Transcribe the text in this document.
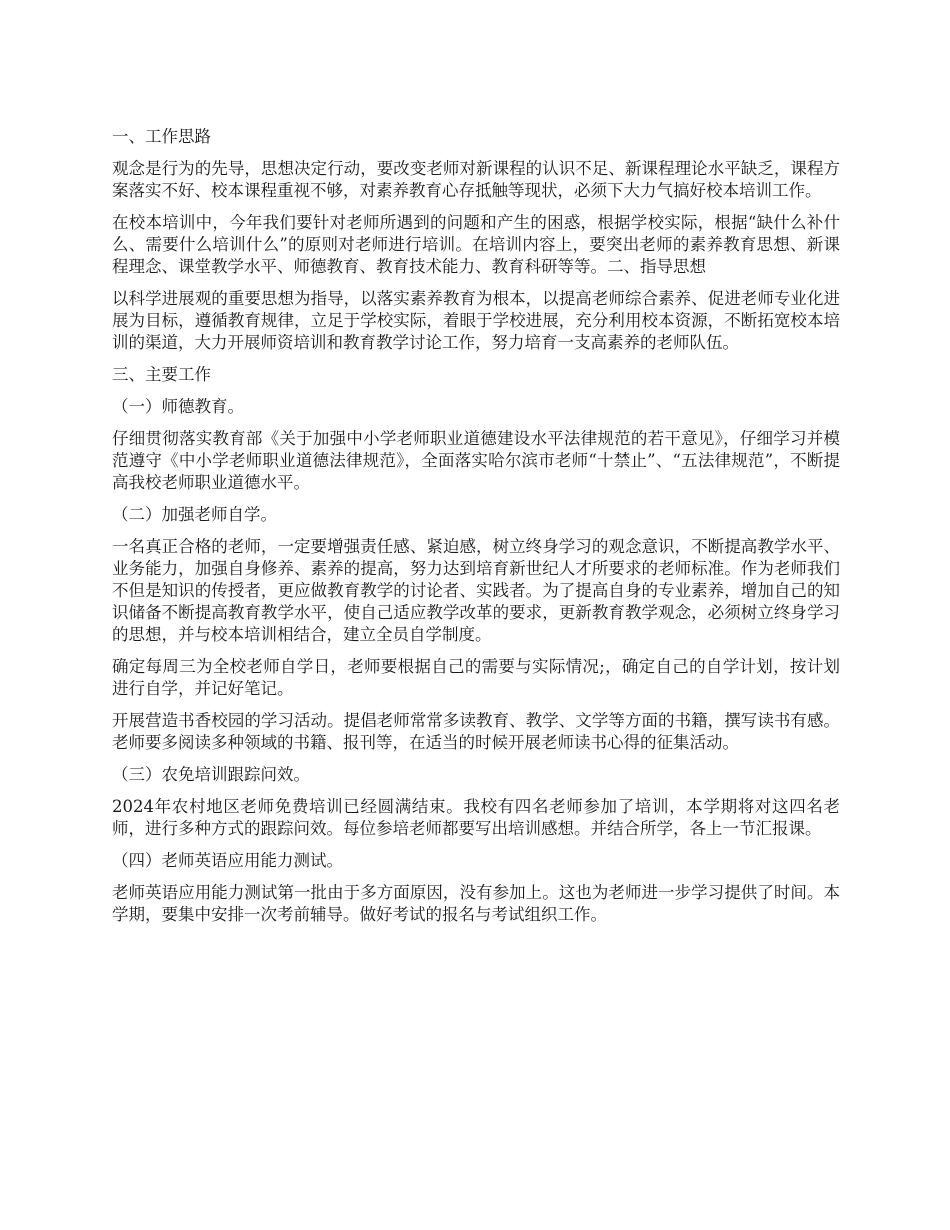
一、工作思路

观念是行为的先导，思想决定行动，要改变老师对新课程的认识不足、新课程理论水平缺乏，课程方案落实不好、校本课程重视不够，对素养教育心存抵触等现状，必须下大力气搞好校本培训工作。

在校本培训中，今年我们要针对老师所遇到的问题和产生的困惑，根据学校实际，根据“缺什么补什么、需要什么培训什么”的原则对老师进行培训。在培训内容上，要突出老师的素养教育思想、新课程理念、课堂教学水平、师德教育、教育技术能力、教育科研等等。二、指导思想

以科学进展观的重要思想为指导，以落实素养教育为根本，以提高老师综合素养、促进老师专业化进展为目标，遵循教育规律，立足于学校实际，着眼于学校进展，充分利用校本资源，不断拓宽校本培训的渠道，大力开展师资培训和教育教学讨论工作，努力培育一支高素养的老师队伍。

三、主要工作

（一）师德教育。

仔细贯彻落实教育部《关于加强中小学老师职业道德建设水平法律规范的若干意见》，仔细学习并模范遵守《中小学老师职业道德法律规范》，全面落实哈尔滨市老师“十禁止”、“五法律规范”，不断提高我校老师职业道德水平。

（二）加强老师自学。

一名真正合格的老师，一定要增强责任感、紧迫感，树立终身学习的观念意识，不断提高教学水平、业务能力，加强自身修养、素养的提高，努力达到培育新世纪人才所要求的老师标准。作为老师我们不但是知识的传授者，更应做教育教学的讨论者、实践者。为了提高自身的专业素养，增加自己的知识储备不断提高教育教学水平，使自己适应教学改革的要求，更新教育教学观念，必须树立终身学习的思想，并与校本培训相结合，建立全员自学制度。

确定每周三为全校老师自学日，老师要根据自己的需要与实际情况;，确定自己的自学计划，按计划进行自学，并记好笔记。

开展营造书香校园的学习活动。提倡老师常常多读教育、教学、文学等方面的书籍，撰写读书有感。老师要多阅读多种领域的书籍、报刊等，在适当的时候开展老师读书心得的征集活动。

（三）农免培训跟踪问效。

2024年农村地区老师免费培训已经圆满结束。我校有四名老师参加了培训，本学期将对这四名老师，进行多种方式的跟踪问效。每位参培老师都要写出培训感想。并结合所学，各上一节汇报课。

（四）老师英语应用能力测试。

老师英语应用能力测试第一批由于多方面原因，没有参加上。这也为老师进一步学习提供了时间。本学期，要集中安排一次考前辅导。做好考试的报名与考试组织工作。
